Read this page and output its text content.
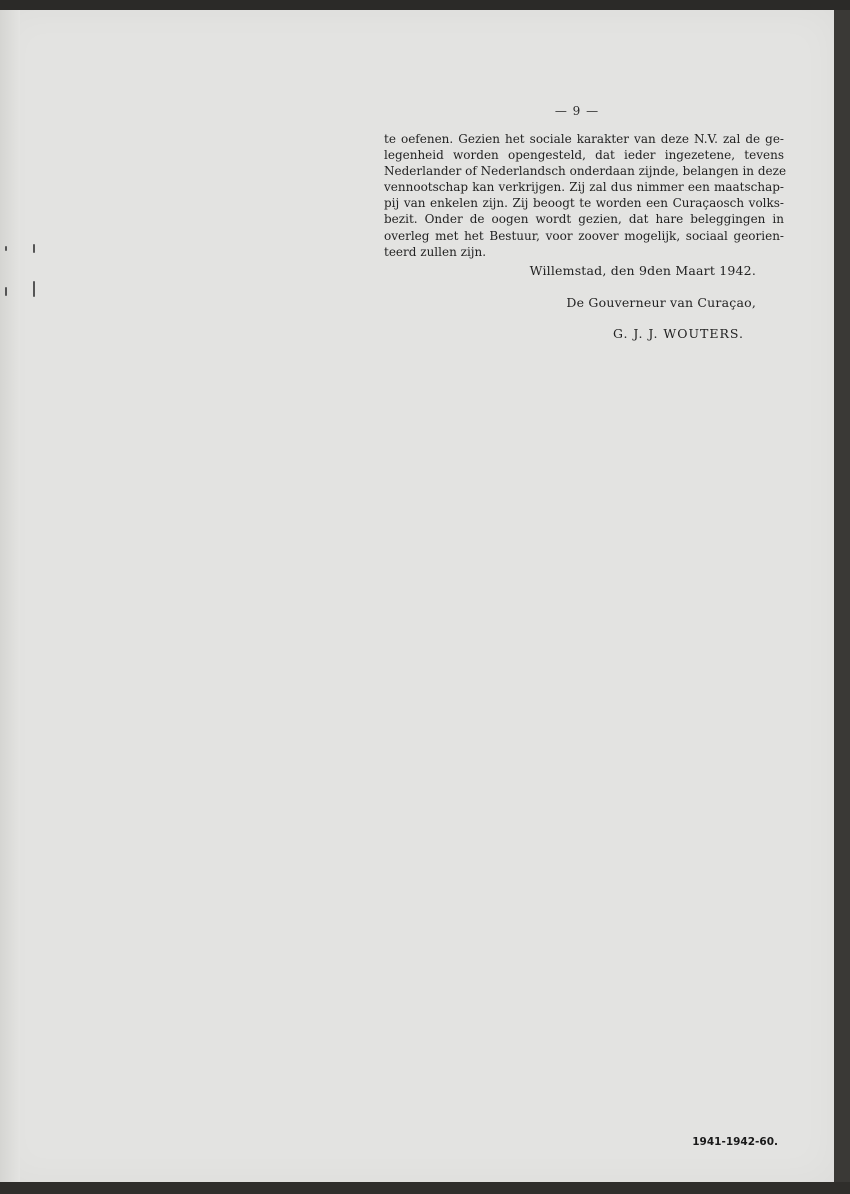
— 9 —
te oefenen. Gezien het sociale karakter van deze N.V. zal de ge-
legenheid worden opengesteld, dat ieder ingezetene, tevens
Nederlander of Nederlandsch onderdaan zijnde, belangen in deze
vennootschap kan verkrijgen. Zij zal dus nimmer een maatschap-
pij van enkelen zijn. Zij beoogt te worden een Curaçaosch volks-
bezit. Onder de oogen wordt gezien, dat hare beleggingen in
overleg met het Bestuur, voor zoover mogelijk, sociaal georien-
teerd zullen zijn.

Willemstad, den 9den Maart 1942.

De Gouverneur van Curaçao,

G. J. J. WOUTERS.

1941-1942-60.
